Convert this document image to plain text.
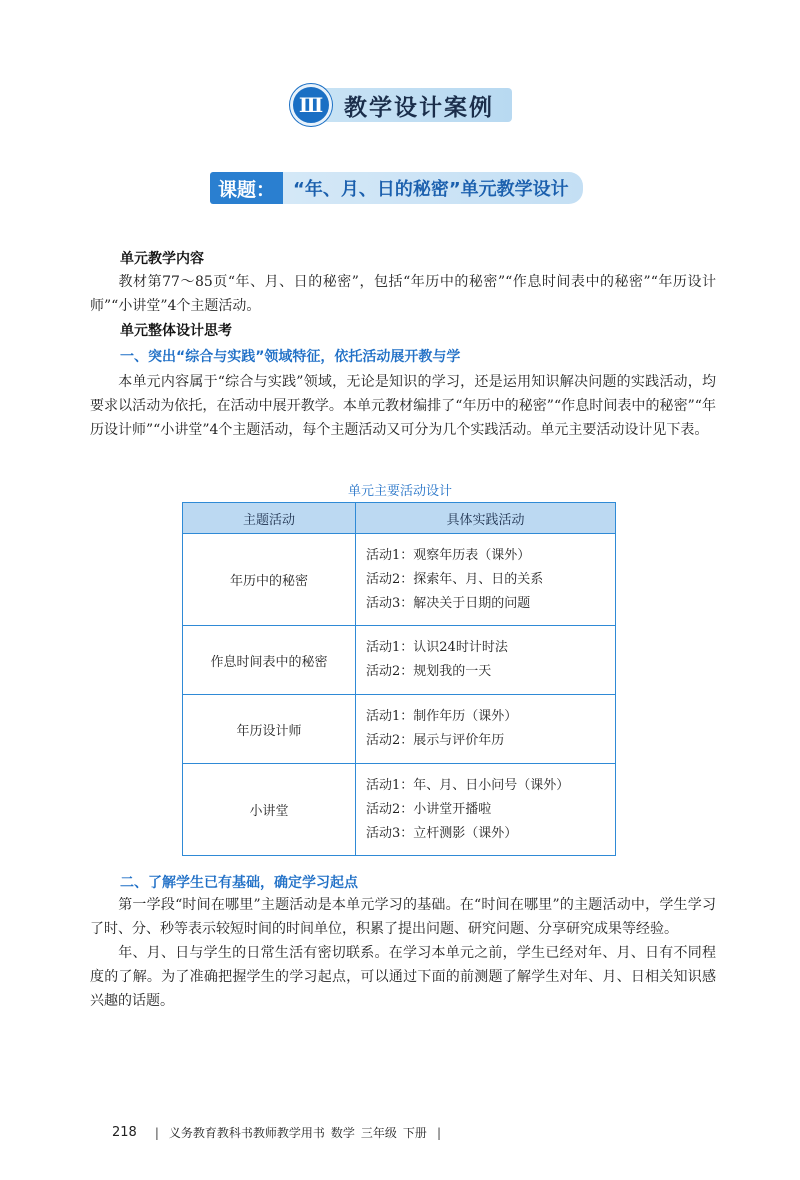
Ⅲ 教学设计案例
课题：	“年、月、日的秘密”单元教学设计
单元教学内容
教材第77～85页“年、月、日的秘密”，包括“年历中的秘密”“作息时间表中的秘密”“年历设计师”“小讲堂”4个主题活动。
单元整体设计思考
一、突出“综合与实践”领域特征，依托活动展开教与学
本单元内容属于“综合与实践”领域，无论是知识的学习，还是运用知识解决问题的实践活动，均要求以活动为依托，在活动中展开教学。本单元教材编排了“年历中的秘密”“作息时间表中的秘密”“年历设计师”“小讲堂”4个主题活动，每个主题活动又可分为几个实践活动。单元主要活动设计见下表。
单元主要活动设计
主题活动	具体实践活动
年历中的秘密	活动1：观察年历表（课外）
活动2：探索年、月、日的关系
活动3：解决关于日期的问题

作息时间表中的秘密	活动1：认识24时计时法
活动2：规划我的一天

年历设计师	活动1：制作年历（课外）
活动2：展示与评价年历

小讲堂	活动1：年、月、日小问号（课外）
活动2：小讲堂开播啦
活动3：立杆测影（课外）
二、了解学生已有基础，确定学习起点
第一学段“时间在哪里”主题活动是本单元学习的基础。在“时间在哪里”的主题活动中，学生学习了时、分、秒等表示较短时间的时间单位，积累了提出问题、研究问题、分享研究成果等经验。
年、月、日与学生的日常生活有密切联系。在学习本单元之前，学生已经对年、月、日有不同程度的了解。为了准确把握学生的学习起点，可以通过下面的前测题了解学生对年、月、日相关知识感兴趣的话题。
218 | 义务教育教科书教师教学用书 数学 三年级 下册 |
